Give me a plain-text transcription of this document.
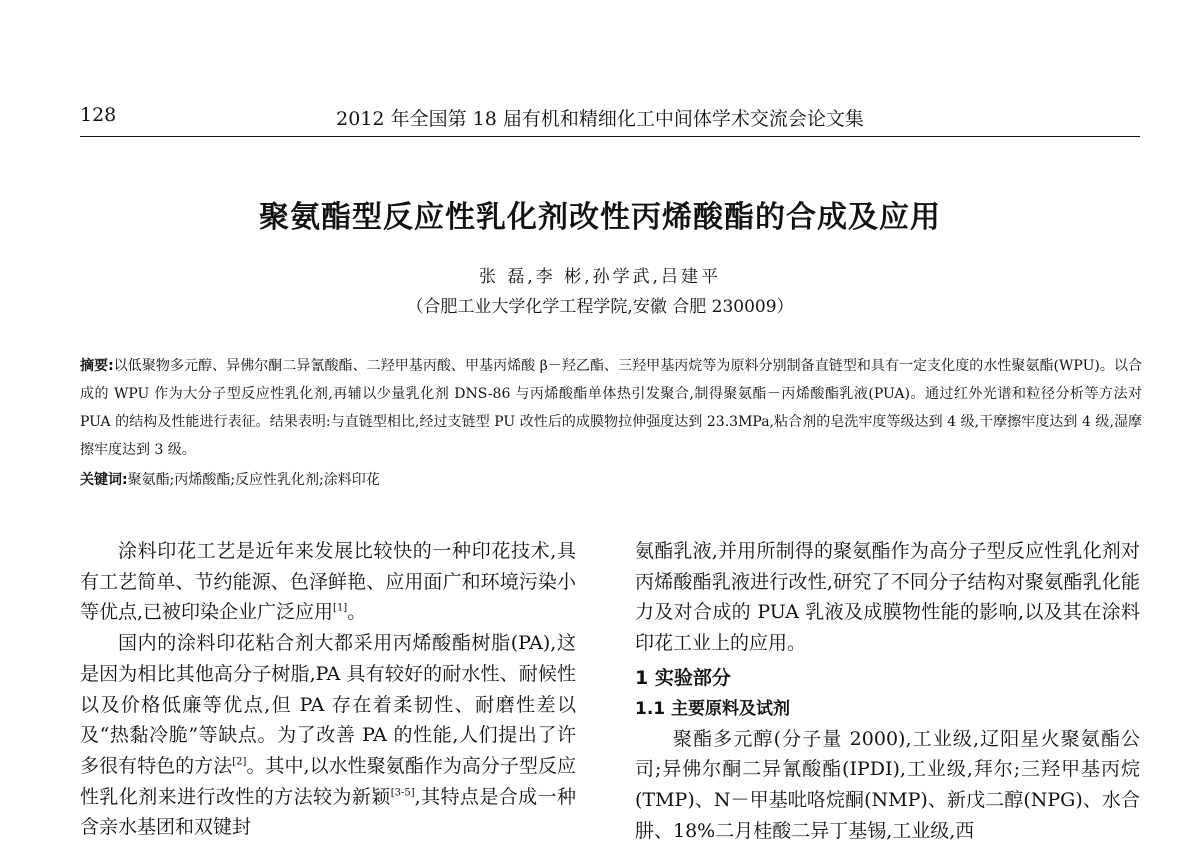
128	2012 年全国第 18 届有机和精细化工中间体学术交流会论文集
聚氨酯型反应性乳化剂改性丙烯酸酯的合成及应用
张 磊,李 彬,孙学武,吕建平
（合肥工业大学化学工程学院,安徽 合肥 230009）
摘要:以低聚物多元醇、异佛尔酮二异氰酸酯、二羟甲基丙酸、甲基丙烯酸 β－羟乙酯、三羟甲基丙烷等为原料分别制备直链型和具有一定支化度的水性聚氨酯(WPU)。以合成的 WPU 作为大分子型反应性乳化剂,再辅以少量乳化剂 DNS-86 与丙烯酸酯单体热引发聚合,制得聚氨酯－丙烯酸酯乳液(PUA)。通过红外光谱和粒径分析等方法对 PUA 的结构及性能进行表征。结果表明:与直链型相比,经过支链型 PU 改性后的成膜物拉伸强度达到 23.3MPa,粘合剂的皂洗牢度等级达到 4 级,干摩擦牢度达到 4 级,湿摩擦牢度达到 3 级。
关键词:聚氨酯;丙烯酸酯;反应性乳化剂;涂料印花

涂料印花工艺是近年来发展比较快的一种印花技术,具有工艺简单、节约能源、色泽鲜艳、应用面广和环境污染小等优点,已被印染企业广泛应用[1]。

国内的涂料印花粘合剂大都采用丙烯酸酯树脂(PA),这是因为相比其他高分子树脂,PA 具有较好的耐水性、耐候性以及价格低廉等优点,但 PA 存在着柔韧性、耐磨性差以及“热黏冷脆”等缺点。为了改善 PA 的性能,人们提出了许多很有特色的方法[2]。其中,以水性聚氨酯作为高分子型反应性乳化剂来进行改性的方法较为新颖[3-5],其特点是合成一种含亲水基团和双键封

氨酯乳液,并用所制得的聚氨酯作为高分子型反应性乳化剂对丙烯酸酯乳液进行改性,研究了不同分子结构对聚氨酯乳化能力及对合成的 PUA 乳液及成膜物性能的影响,以及其在涂料印花工业上的应用。

1 实验部分
1.1 主要原料及试剂

聚酯多元醇(分子量 2000),工业级,辽阳星火聚氨酯公司;异佛尔酮二异氰酸酯(IPDI),工业级,拜尔;三羟甲基丙烷(TMP)、N－甲基吡咯烷酮(NMP)、新戊二醇(NPG)、水合肼、18%二月桂酸二异丁基锡,工业级,西
